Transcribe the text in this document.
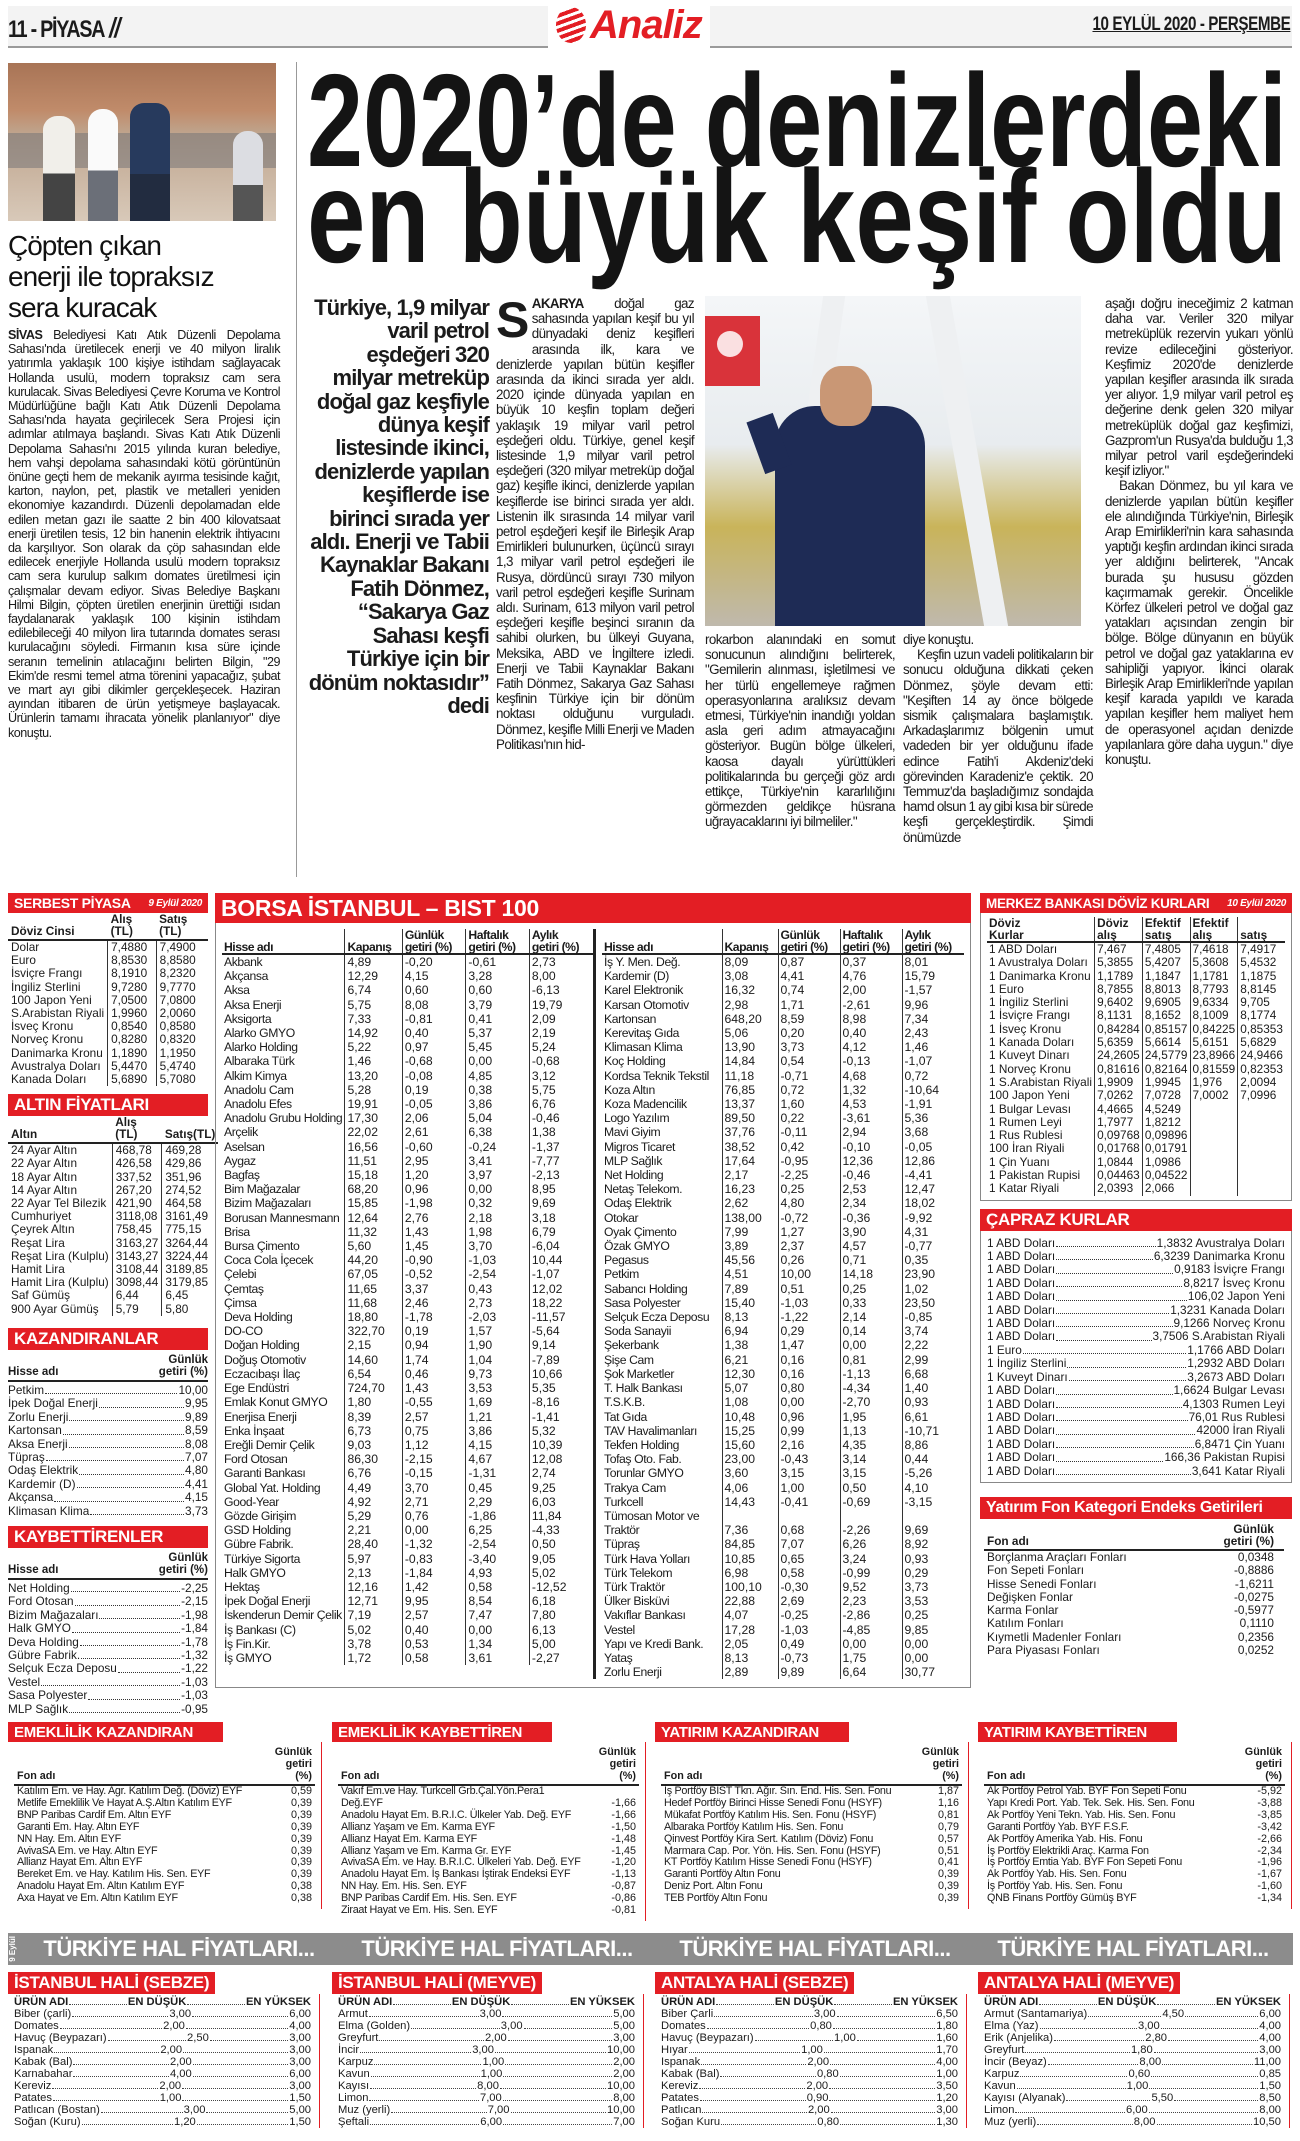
11 - PİYASA //	Analiz	10 EYLÜL 2020 - PERŞEMBE
Çöpten çıkan
enerji ile topraksız
sera kuracak
SİVAS Belediyesi Katı Atık Düzenli Depolama Sahası'nda üretilecek enerji ve 40 milyon liralık yatırımla yaklaşık 100 kişiye istihdam sağlayacak Hollanda usulü, modern topraksız cam sera kurulacak. Sivas Belediyesi Çevre Koruma ve Kontrol Müdürlüğüne bağlı Katı Atık Düzenli Depolama Sahası'nda hayata geçirilecek Sera Projesi için adımlar atılmaya başlandı. Sivas Katı Atık Düzenli Depolama Sahası'nı 2015 yılında kuran belediye, hem vahşi depolama sahasındaki kötü görüntünün önüne geçti hem de mekanik ayırma tesisinde kağıt, karton, naylon, pet, plastik ve metalleri yeniden ekonomiye kazandırdı. Düzenli depolamadan elde edilen metan gazı ile saatte 2 bin 400 kilovatsaat enerji üretilen tesis, 12 bin hanenin elektrik ihtiyacını da karşılıyor. Son olarak da çöp sahasından elde edilecek enerjiyle Hollanda usulü modern topraksız cam sera kurulup salkım domates üretilmesi için çalışmalar devam ediyor. Sivas Belediye Başkanı Hilmi Bilgin, çöpten üretilen enerjinin ürettiği ısıdan faydalanarak yaklaşık 100 kişinin istihdam edilebileceği 40 milyon lira tutarında domates serası kurulacağını söyledi. Firmanın kısa süre içinde seranın temelinin atılacağını belirten Bilgin, "29 Ekim'de resmi temel atma törenini yapacağız, şubat ve mart ayı gibi dikimler gerçekleşecek. Haziran ayından itibaren de ürün yetişmeye başlayacak. Ürünlerin tamamı ihracata yönelik planlanıyor" diye konuştu.
2020’de denizlerdeki
en büyük keşif oldu
Türkiye, 1,9 milyar varil petrol eşdeğeri 320 milyar metreküp doğal gaz keşfiyle dünya keşif listesinde ikinci, denizlerde yapılan keşiflerde ise birinci sırada yer aldı. Enerji ve Tabii Kaynaklar Bakanı Fatih Dönmez, “Sakarya Gaz Sahası keşfi Türkiye için bir dönüm noktasıdır” dedi
SAKARYA doğal gaz sahasında yapılan keşif bu yıl dünyadaki deniz keşifleri arasında ilk, kara ve denizlerde yapılan bütün keşifler arasında da ikinci sırada yer aldı. 2020 içinde dünyada yapılan en büyük 10 keşfin toplam değeri yaklaşık 19 milyar varil petrol eşdeğeri oldu. Türkiye, genel keşif listesinde 1,9 milyar varil petrol eşdeğeri (320 milyar metreküp doğal gaz) keşifle ikinci, denizlerde yapılan keşiflerde ise birinci sırada yer aldı. Listenin ilk sırasında 14 milyar varil petrol eşdeğeri keşif ile Birleşik Arap Emirlikleri bulunurken, üçüncü sırayı 1,3 milyar varil petrol eşdeğeri ile Rusya, dördüncü sırayı 730 milyon varil petrol eşdeğeri keşifle Surinam aldı. Surinam, 613 milyon varil petrol eşdeğeri keşifle beşinci sıranın da sahibi olurken, bu ülkeyi Guyana, Meksika, ABD ve İngiltere izledi. Enerji ve Tabii Kaynaklar Bakanı Fatih Dönmez, Sakarya Gaz Sahası keşfinin Türkiye için bir dönüm noktası olduğunu vurguladı. Dönmez, keşifle Milli Enerji ve Maden Politikası'nın hid-

rokarbon alanındaki en somut sonucunun alındığını belirterek, "Gemilerin alınması, işletilmesi ve her türlü engellemeye rağmen operasyonlarına aralıksız devam etmesi, Türkiye'nin inandığı yoldan asla geri adım atmayacağını gösteriyor. Bugün bölge ülkeleri, kaosa dayalı yürüttükleri politikalarında bu gerçeği göz ardı ettikçe, Türkiye'nin kararlılığını görmezden geldikçe hüsrana uğrayacaklarını iyi bilmeliler."

diye konuştu.

Keşfin uzun vadeli politikaların bir sonucu olduğuna dikkati çeken Dönmez, şöyle devam etti: "Keşiften 14 ay önce bölgede sismik çalışmalara başlamıştık. Arkadaşlarımız bölgenin umut vadeden bir yer olduğunu ifade edince Fatih'i Akdeniz'deki görevinden Karadeniz'e çektik. 20 Temmuz'da başladığımız sondajda hamd olsun 1 ay gibi kısa bir sürede keşfi gerçekleştirdik. Şimdi önümüzde

aşağı doğru ineceğimiz 2 katman daha var. Veriler 320 milyar metreküplük rezervin yukarı yönlü revize edileceğini gösteriyor. Keşfimiz 2020'de denizlerde yapılan keşifler arasında ilk sırada yer alıyor. 1,9 milyar varil petrol eş değerine denk gelen 320 milyar metreküplük doğal gaz keşfimizi, Gazprom'un Rusya'da bulduğu 1,3 milyar petrol varil eşdeğerindeki keşif izliyor."

Bakan Dönmez, bu yıl kara ve denizlerde yapılan bütün keşifler ele alındığında Türkiye'nin, Birleşik Arap Emirlikleri'nin kara sahasında yaptığı keşfin ardından ikinci sırada yer aldığını belirterek, "Ancak burada şu hususu gözden kaçırmamak gerekir. Öncelikle Körfez ülkeleri petrol ve doğal gaz yatakları açısından zengin bir bölge. Bölge dünyanın en büyük petrol ve doğal gaz yataklarına ev sahipliği yapıyor. İkinci olarak Birleşik Arap Emirlikleri'nde yapılan keşif karada yapıldı ve karada yapılan keşifler hem maliyet hem de operasyonel açıdan denizde yapılanlara göre daha uygun." diye konuştu.

SERBEST PİYASA 9 Eylül 2020
Döviz Cinsi	Alış (TL)	Satış (TL)
Dolar	7,4880	7,4900
Euro	8,8530	8,8580
İsviçre Frangı	8,1910	8,2320
İngiliz Sterlini	9,7280	9,7770
100 Japon Yeni	7,0500	7,0800
S.Arabistan Riyali	1,9960	2,0060
İsveç Kronu	0,8540	0,8580
Norveç Kronu	0,8280	0,8320
Danimarka Kronu	1,1890	1,1950
Avustralya Doları	5,4470	5,4740
Kanada Doları	5,6890	5,7080
ALTIN FİYATLARI
Altın	Alış (TL)	Satış(TL)
24 Ayar Altın	468,78	469,28
22 Ayar Altın	426,58	429,86
18 Ayar Altın	337,52	351,96
14 Ayar Altın	267,20	274,52
22 Ayar Tel Bilezik	421,90	464,58
Cumhuriyet	3118,08	3161,49
Çeyrek Altın	758,45	775,15
Reşat Lira	3163,27	3264,44
Reşat Lira (Kulplu)	3143,27	3224,44
Hamit Lira	3108,44	3189,85
Hamit Lira (Kulplu)	3098,44	3179,85
Saf Gümüş	6,44	6,45
900 Ayar Gümüş	5,79	5,80
KAZANDIRANLAR
Hisse adı
Günlük
getiri (%)
Petkim	10,00
İpek Doğal Enerji	9,95
Zorlu Enerji	9,89
Kartonsan	8,59
Aksa Enerji	8,08
Tüpraş	7,07
Odaş Elektrik	4,80
Kardemir (D)	4,41
Akçansa	4,15
Klimasan Klima	3,73
KAYBETTİRENLER
Hisse adı
Günlük
getiri (%)
Net Holding	-2,25
Ford Otosan	-2,15
Bizim Mağazaları	-1,98
Halk GMYO	-1,84
Deva Holding	-1,78
Gübre Fabrik.	-1,32
Selçuk Ecza Deposu	-1,22
Vestel	-1,03
Sasa Polyester	-1,03
MLP Sağlık	-0,95
BORSA İSTANBUL – BIST 100
Hisse adı	Kapanış	Günlük
getiri (%)	Haftalık
getiri (%)	Aylık
getiri (%)
Akbank	4,89	-0,20	-0,61	2,73
Akçansa	12,29	4,15	3,28	8,00
Aksa	6,74	0,60	0,60	-6,13
Aksa Enerji	5,75	8,08	3,79	19,79
Aksigorta	7,33	-0,81	0,41	2,09
Alarko GMYO	14,92	0,40	5,37	2,19
Alarko Holding	5,22	0,97	5,45	5,24
Albaraka Türk	1,46	-0,68	0,00	-0,68
Alkim Kimya	13,20	-0,08	4,85	3,12
Anadolu Cam	5,28	0,19	0,38	5,75
Anadolu Efes	19,91	-0,05	3,86	6,76
Anadolu Grubu Holding	17,30	2,06	5,04	-0,46
Arçelik	22,02	2,61	6,38	1,38
Aselsan	16,56	-0,60	-0,24	-1,37
Aygaz	11,51	2,95	3,41	-7,77
Bagfaş	15,18	1,20	3,97	-2,13
Bim Mağazalar	68,20	0,96	0,00	8,95
Bizim Mağazaları	15,85	-1,98	0,32	9,69
Borusan Mannesmann	12,64	2,76	2,18	3,18
Brisa	11,32	1,43	1,98	6,79
Bursa Çimento	5,60	1,45	3,70	-6,04
Coca Cola İçecek	44,20	-0,90	-1,03	10,44
Çelebi	67,05	-0,52	-2,54	-1,07
Çemtaş	11,65	3,37	0,43	12,02
Çimsa	11,68	2,46	2,73	18,22
Deva Holding	18,80	-1,78	-2,03	-11,57
DO-CO	322,70	0,19	1,57	-5,64
Doğan Holding	2,15	0,94	1,90	9,14
Doğuş Otomotiv	14,60	1,74	1,04	-7,89
Eczacıbaşı İlaç	6,54	0,46	9,73	10,66
Ege Endüstri	724,70	1,43	3,53	5,35
Emlak Konut GMYO	1,80	-0,55	1,69	-8,16
Enerjisa Enerji	8,39	2,57	1,21	-1,41
Enka İnşaat	6,73	0,75	3,86	5,32
Ereğli Demir Çelik	9,03	1,12	4,15	10,39
Ford Otosan	86,30	-2,15	4,67	12,08
Garanti Bankası	6,76	-0,15	-1,31	2,74
Global Yat. Holding	4,49	3,70	0,45	9,25
Good-Year	4,92	2,71	2,29	6,03
Gözde Girişim	5,29	0,76	-1,86	11,84
GSD Holding	2,21	0,00	6,25	-4,33
Gübre Fabrik.	28,40	-1,32	-2,54	0,50
Türkiye Sigorta	5,97	-0,83	-3,40	9,05
Halk GMYO	2,13	-1,84	4,93	5,02
Hektaş	12,16	1,42	0,58	-12,52
İpek Doğal Enerji	12,71	9,95	8,54	6,18
İskenderun Demir Çelik	7,19	2,57	7,47	7,80
İş Bankası (C)	5,02	0,40	0,00	6,13
İş Fin.Kir.	3,78	0,53	1,34	5,00
İş GMYO	1,72	0,58	3,61	-2,27
Hisse adı	Kapanış	Günlük
getiri (%)	Haftalık
getiri (%)	Aylık
getiri (%)
İş Y. Men. Değ.	8,09	0,87	0,37	8,01
Kardemir (D)	3,08	4,41	4,76	15,79
Karel Elektronik	16,32	0,74	2,00	-1,57
Karsan Otomotiv	2,98	1,71	-2,61	9,96
Kartonsan	648,20	8,59	8,98	7,34
Kerevitaş Gıda	5,06	0,20	0,40	2,43
Klimasan Klima	13,90	3,73	4,12	1,46
Koç Holding	14,84	0,54	-0,13	-1,07
Kordsa Teknik Tekstil	11,18	-0,71	4,68	0,72
Koza Altın	76,85	0,72	1,32	-10,64
Koza Madencilik	13,37	1,60	4,53	-1,91
Logo Yazılım	89,50	0,22	-3,61	5,36
Mavi Giyim	37,76	-0,11	2,94	3,68
Migros Ticaret	38,52	0,42	-0,10	-0,05
MLP Sağlık	17,64	-0,95	12,36	12,86
Net Holding	2,17	-2,25	-0,46	-4,41
Netaş Telekom.	16,23	0,25	2,53	12,47
Odaş Elektrik	2,62	4,80	2,34	18,02
Otokar	138,00	-0,72	-0,36	-9,92
Oyak Çimento	7,99	1,27	3,90	4,31
Özak GMYO	3,89	2,37	4,57	-0,77
Pegasus	45,56	0,26	0,71	0,35
Petkim	4,51	10,00	14,18	23,90
Sabancı Holding	7,89	0,51	0,25	1,02
Sasa Polyester	15,40	-1,03	0,33	23,50
Selçuk Ecza Deposu	8,13	-1,22	2,14	-0,85
Soda Sanayii	6,94	0,29	0,14	3,74
Şekerbank	1,38	1,47	0,00	2,22
Şişe Cam	6,21	0,16	0,81	2,99
Şok Marketler	12,30	0,16	-1,13	6,68
T. Halk Bankası	5,07	0,80	-4,34	1,40
T.S.K.B.	1,08	0,00	-2,70	0,93
Tat Gıda	10,48	0,96	1,95	6,61
TAV Havalimanları	15,25	0,99	1,13	-10,71
Tekfen Holding	15,60	2,16	4,35	8,86
Tofaş Oto. Fab.	23,00	-0,43	3,14	0,44
Torunlar GMYO	3,60	3,15	3,15	-5,26
Trakya Cam	4,06	1,00	0,50	4,10
Turkcell	14,43	-0,41	-0,69	-3,15
Tümosan Motor ve Traktör	7,36	0,68	-2,26	9,69
Tüpraş	84,85	7,07	6,26	8,92
Türk Hava Yolları	10,85	0,65	3,24	0,93
Türk Telekom	6,98	0,58	-0,99	0,29
Türk Traktör	100,10	-0,30	9,52	3,73
Ülker Bisküvi	22,88	2,69	2,23	3,53
Vakıflar Bankası	4,07	-0,25	-2,86	0,25
Vestel	17,28	-1,03	-4,85	9,85
Yapı ve Kredi Bank.	2,05	0,49	0,00	0,00
Yataş	8,13	-0,73	1,75	0,00
Zorlu Enerji	2,89	9,89	6,64	30,77
MERKEZ BANKASI DÖVİZ KURLARI 10 Eylül 2020
Döviz
Kurlar	Döviz
alış	Efektif
satış	Efektif
alış	
satış
1 ABD Doları	7,467	7,4805	7,4618	7,4917
1 Avustralya Doları	5,3855	5,4207	5,3608	5,4532
1 Danimarka Kronu	1,1789	1,1847	1,1781	1,1875
1 Euro	8,7855	8,8013	8,7793	8,8145
1 İngiliz Sterlini	9,6402	9,6905	9,6334	9,705
1 İsviçre Frangı	8,1131	8,1652	8,1009	8,1774
1 İsveç Kronu	0,84284	0,85157	0,84225	0,85353
1 Kanada Doları	5,6359	5,6614	5,6151	5,6829
1 Kuveyt Dinarı	24,2605	24,5779	23,8966	24,9466
1 Norveç Kronu	0,81616	0,82164	0,81559	0,82353
1 S.Arabistan Riyali	1,9909	1,9945	1,976	2,0094
100 Japon Yeni	7,0262	7,0728	7,0002	7,0996
1 Bulgar Levası	4,4665	4,5249		
1 Rumen Leyi	1,7977	1,8212		
1 Rus Rublesi	0,09768	0,09896		
100 İran Riyali	0,01768	0,01791		
1 Çin Yuanı	1,0844	1,0986		
1 Pakistan Rupisi	0,04463	0,04522		
1 Katar Riyali	2,0393	2,066		
ÇAPRAZ KURLAR
1 ABD Doları	1,3832 Avustralya Doları
1 ABD Doları	6,3239 Danimarka Kronu
1 ABD Doları	0,9183 İsviçre Frangı
1 ABD Doları	8,8217 İsveç Kronu
1 ABD Doları	106,02 Japon Yeni
1 ABD Doları	1,3231 Kanada Doları
1 ABD Doları	9,1266 Norveç Kronu
1 ABD Doları	3,7506 S.Arabistan Riyali
1 Euro	1,1766 ABD Doları
1 İngiliz Sterlini	1,2932 ABD Doları
1 Kuveyt Dinarı	3,2673 ABD Doları
1 ABD Doları	1,6624 Bulgar Levası
1 ABD Doları	4,1303 Rumen Leyi
1 ABD Doları	76,01 Rus Rublesi
1 ABD Doları	42000 İran Riyali
1 ABD Doları	6,8471 Çin Yuanı
1 ABD Doları	166,36 Pakistan Rupisi
1 ABD Doları	3,641 Katar Riyali
Yatırım Fon Kategori Endeks Getirileri
Fon adı	Günlük
getiri (%)
Borçlanma Araçları Fonları	0,0348
Fon Sepeti Fonları	-0,8886
Hisse Senedi Fonları	-1,6211
Değişken Fonlar	-0,0275
Karma Fonlar	-0,5977
Katılım Fonları	0,1110
Kıymetli Madenler Fonları	0,2356
Para Piyasası Fonları	0,0252
EMEKLİLİK KAZANDIRAN
Fon adı	Günlük
getiri (%)
Katılım Em. ve Hay. Agr. Katılım Değ. (Döviz) EYF	0,59
Metlife Emeklilik Ve Hayat A.Ş.Altın Katılım EYF	0,39
BNP Paribas Cardif Em. Altın EYF	0,39
Garanti Em. Hay. Altın EYF	0,39
NN Hay. Em. Altın EYF	0,39
AvivaSA Em. ve Hay. Altın EYF	0,39
Allianz Hayat Em. Altın EYF	0,39
Bereket Em. ve Hay. Katılım His. Sen. EYF	0,39
Anadolu Hayat Em. Altın Katılım EYF	0,38
Axa Hayat ve Em. Altın Katılım EYF	0,38
EMEKLİLİK KAYBETTİREN
Fon adı	Günlük
getiri (%)
Vakıf Em.ve Hay. Turkcell Grb.Çal.Yön.Pera1 Değ.EYF	-1,66
Anadolu Hayat Em. B.R.I.C. Ülkeler Yab. Değ. EYF	-1,66
Allianz Yaşam ve Em. Karma EYF	-1,50
Allianz Hayat Em. Karma EYF	-1,48
Allianz Yaşam ve Em. Karma Gr. EYF	-1,45
AvivaSA Em. ve Hay. B.R.I.C. Ülkeleri Yab. Değ. EYF	-1,20
Anadolu Hayat Em. İş Bankası İştirak Endeksi EYF	-1,13
NN Hay. Em. His. Sen. EYF	-0,87
BNP Paribas Cardif Em. His. Sen. EYF	-0,86
Ziraat Hayat ve Em. His. Sen. EYF	-0,81
YATIRIM KAZANDIRAN
Fon adı	Günlük
getiri (%)
İş Portföy BIST Tkn. Ağır. Sın. End. His. Sen. Fonu	1,87
Hedef Portföy Birinci Hisse Senedi Fonu (HSYF)	1,16
Mükafat Portföy Katılım His. Sen. Fonu (HSYF)	0,81
Albaraka Portföy Katılım His. Sen. Fonu	0,79
Qinvest Portföy Kira Sert. Katılım (Döviz) Fonu	0,57
Marmara Cap. Por. Yön. His. Sen. Fonu (HSYF)	0,51
KT Portföy Katılım Hisse Senedi Fonu (HSYF)	0,41
Garanti Portföy Altın Fonu	0,39
Deniz Port. Altın Fonu	0,39
TEB Portföy Altın Fonu	0,39
YATIRIM KAYBETTİREN
Fon adı	Günlük
getiri (%)
Ak Portföy Petrol Yab. BYF Fon Sepeti Fonu	-5,92
Yapı Kredi Port. Yab. Tek. Sek. His. Sen. Fonu	-3,88
Ak Portföy Yeni Tekn. Yab. His. Sen. Fonu	-3,85
Garanti Portföy Yab. BYF F.S.F.	-3,42
Ak Portföy Amerika Yab. His. Fonu	-2,66
İş Portföy Elektrikli Araç. Karma Fon	-2,34
İş Portföy Emtia Yab. BYF Fon Sepeti Fonu	-1,96
Ak Portföy Yab. His. Sen. Fonu	-1,67
İş Portföy Yab. His. Sen. Fonu	-1,60
QNB Finans Portföy Gümüş BYF	-1,34
9 Eylül	TÜRKİYE HAL FİYATLARI...	TÜRKİYE HAL FİYATLARI...	TÜRKİYE HAL FİYATLARI...	TÜRKİYE HAL FİYATLARI...
İSTANBUL HALİ (SEBZE)
ÜRÜN ADI	EN DÜŞÜK	EN YÜKSEK
Biber (çarli)	3,00	6,00
Domates	2,00	4,00
Havuç (Beypazarı)	2,50	3,00
Ispanak	2,00	3,00
Kabak (Bal)	2,00	3,00
Karnabahar	4,00	6,00
Kereviz	2,00	3,00
Patates	1,00	1,50
Patlıcan (Bostan)	3,00	5,00
Soğan (Kuru)	1,20	1,50
İSTANBUL HALİ (MEYVE)
ÜRÜN ADI	EN DÜŞÜK	EN YÜKSEK
Armut	3,00	5,00
Elma (Golden)	3,00	5,00
Greyfurt	2,00	3,00
İncir	3,00	10,00
Karpuz	1,00	2,00
Kavun	1,00	2,00
Kayısı	8,00	10,00
Limon	7,00	8,00
Muz (yerli)	7,00	10,00
Şeftali	6,00	7,00
ANTALYA HALİ (SEBZE)
ÜRÜN ADI	EN DÜŞÜK	EN YÜKSEK
Biber Çarli	3,00	6,50
Domates	0,80	1,80
Havuç (Beypazarı)	1,00	1,60
Hıyar	1,00	1,70
Ispanak	2,00	4,00
Kabak (Bal)	0,80	1,00
Kereviz	2,00	3,50
Patates	0,90	1,20
Patlıcan	2,00	3,00
Soğan Kuru	0,80	1,30
ANTALYA HALİ (MEYVE)
ÜRÜN ADI	EN DÜŞÜK	EN YÜKSEK
Armut (Santamariya)	4,50	6,00
Elma (Yaz)	3,00	4,00
Erik (Anjelika)	2,80	4,00
Greyfurt	1,80	3,00
İncir (Beyaz)	8,00	11,00
Karpuz	0,60	0,85
Kavun	1,00	1,50
Kayısı (Alyanak)	5,50	8,50
Limon	6,00	8,00
Muz (yerli)	8,00	10,50
